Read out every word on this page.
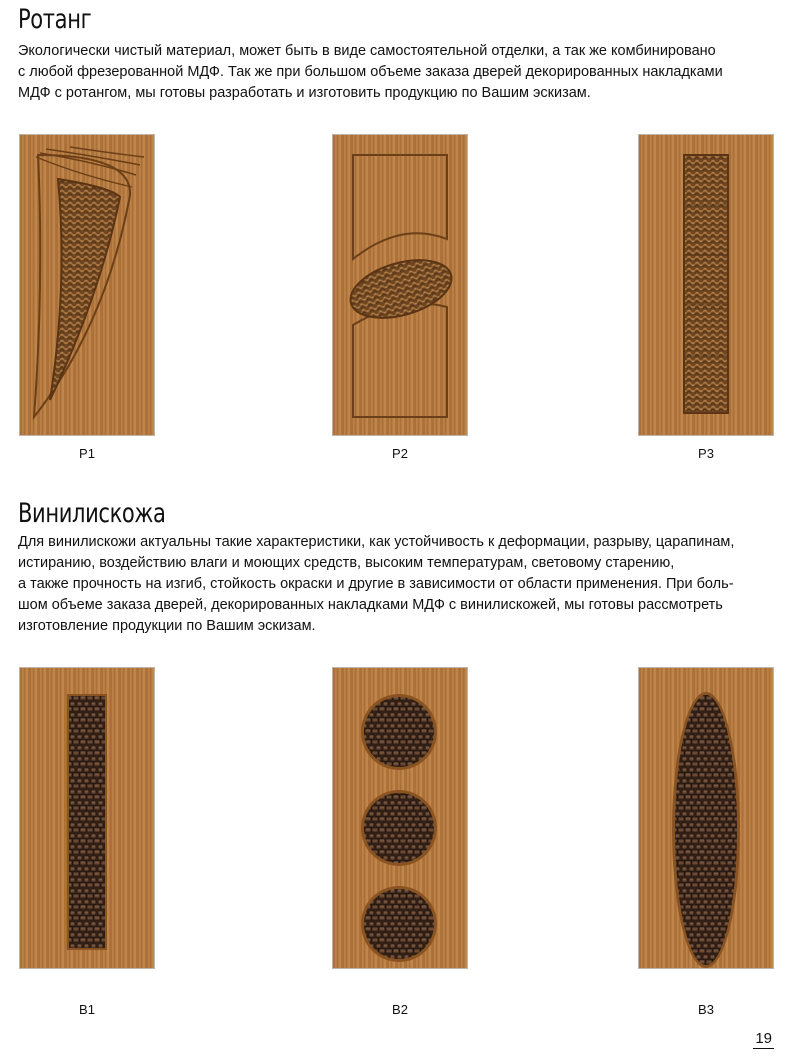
Ротанг
Экологически чистый материал, может быть в виде самостоятельной отделки, а так же комбинировано
с любой фрезерованной МДФ. Так же при большом объеме заказа дверей декорированных накладками
МДФ с ротангом, мы готовы разработать и изготовить продукцию по Вашим эскизам.
Р1	Р2	Р3
Винилискожа
Для винилискожи актуальны такие характеристики, как устойчивость к деформации, разрыву, царапинам,
истиранию, воздействию влаги и моющих средств, высоким температурам, световому старению,
а также прочность на изгиб, стойкость окраски и другие в зависимости от области применения. При боль-
шом объеме заказа дверей, декорированных накладками МДФ с винилискожей, мы готовы рассмотреть
изготовление продукции по Вашим эскизам.
В1	В2	В3
19
